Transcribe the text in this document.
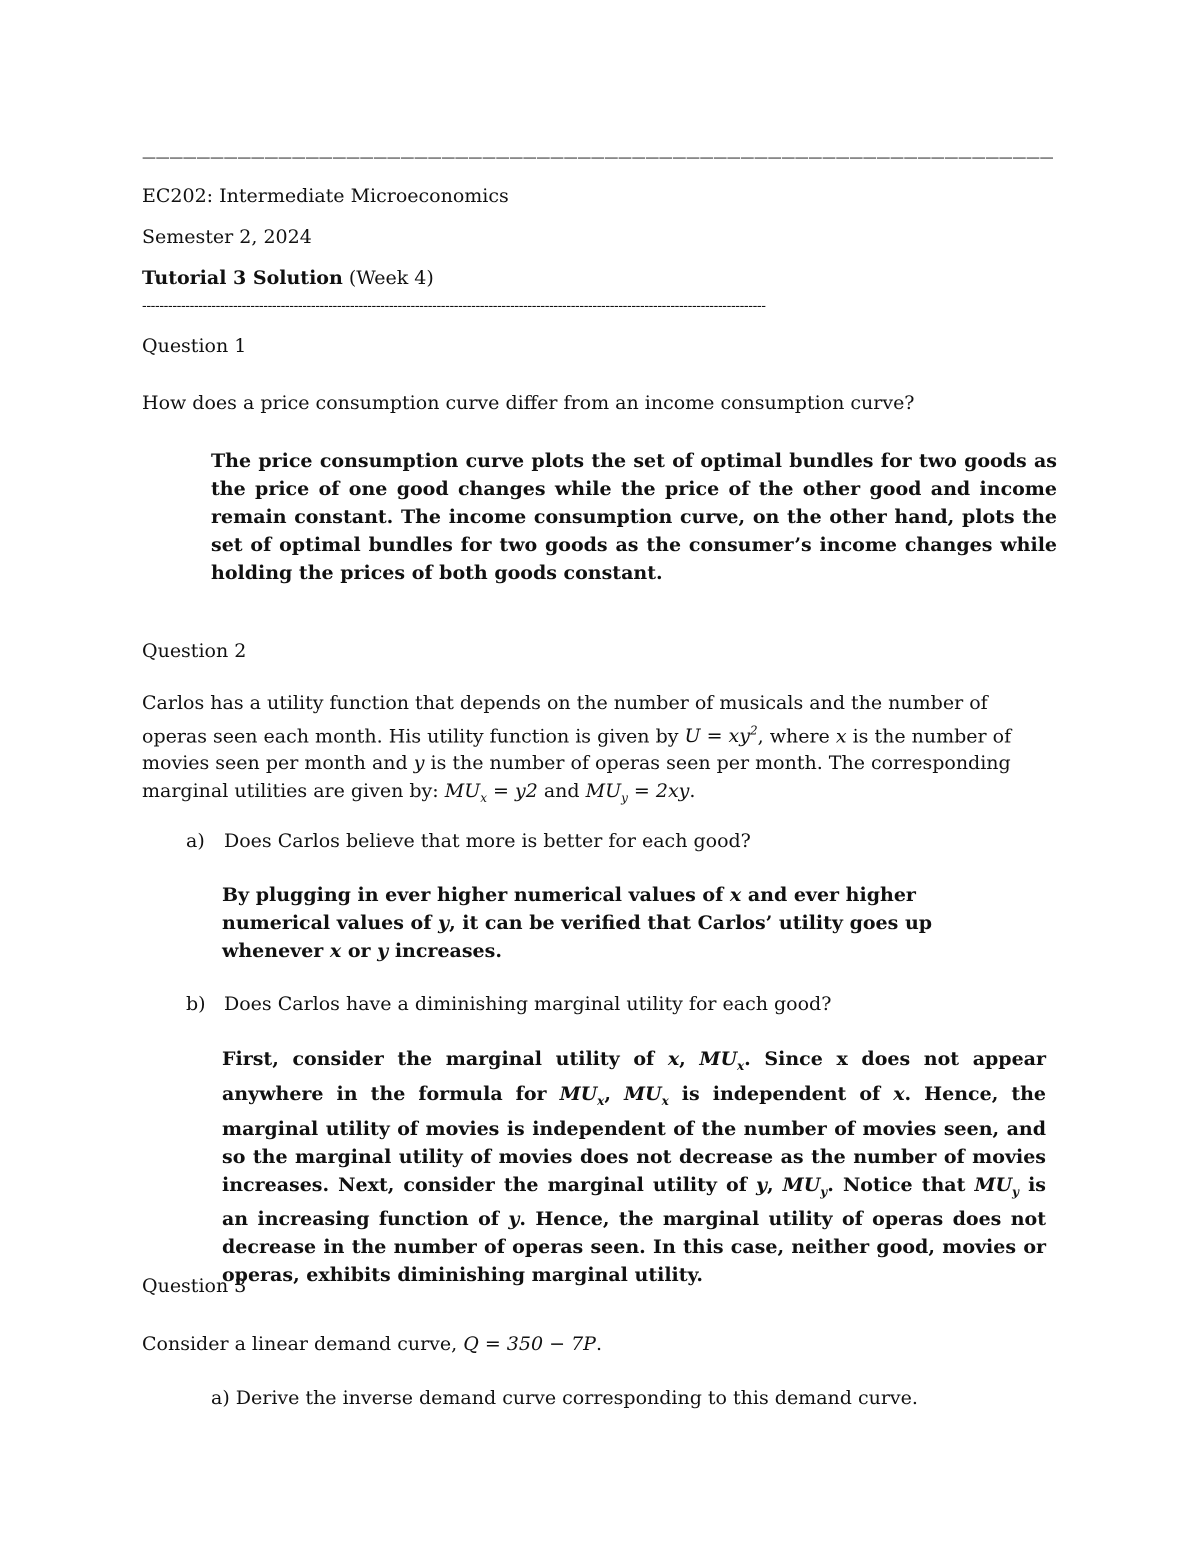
———————————————————————————————————————————————————————————————————
EC202: Intermediate Microeconomics
Semester 2, 2024
Tutorial 3 Solution (Week 4)
------------------------------------------------------------------------------------------------------------------------------------------------
Question 1
How does a price consumption curve differ from an income consumption curve?
The price consumption curve plots the set of optimal bundles for two goods as the price of one good changes while the price of the other good and income remain constant. The income consumption curve, on the other hand, plots the set of optimal bundles for two goods as the consumer’s income changes while holding the prices of both goods constant.
Question 2
Carlos has a utility function that depends on the number of musicals and the number of operas seen each month. His utility function is given by $U = xy^2$, where x is the number of movies seen per month and y is the number of operas seen per month. The corresponding marginal utilities are given by: $MU_x = y2$ and $MU_y = 2xy$.
a) Does Carlos believe that more is better for each good?
By plugging in ever higher numerical values of x and ever higher numerical values of y, it can be verified that Carlos’ utility goes up whenever x or y increases.
b) Does Carlos have a diminishing marginal utility for each good?
First, consider the marginal utility of x, $MU_x$. Since x does not appear anywhere in the formula for $MU_x$, $MU_x$ is independent of x. Hence, the marginal utility of movies is independent of the number of movies seen, and so the marginal utility of movies does not decrease as the number of movies increases. Next, consider the marginal utility of y, $MU_y$. Notice that $MU_y$ is an increasing function of y. Hence, the marginal utility of operas does not decrease in the number of operas seen. In this case, neither good, movies or operas, exhibits diminishing marginal utility.
Question 3
Consider a linear demand curve, Q = 350 − 7P.
a) Derive the inverse demand curve corresponding to this demand curve.
